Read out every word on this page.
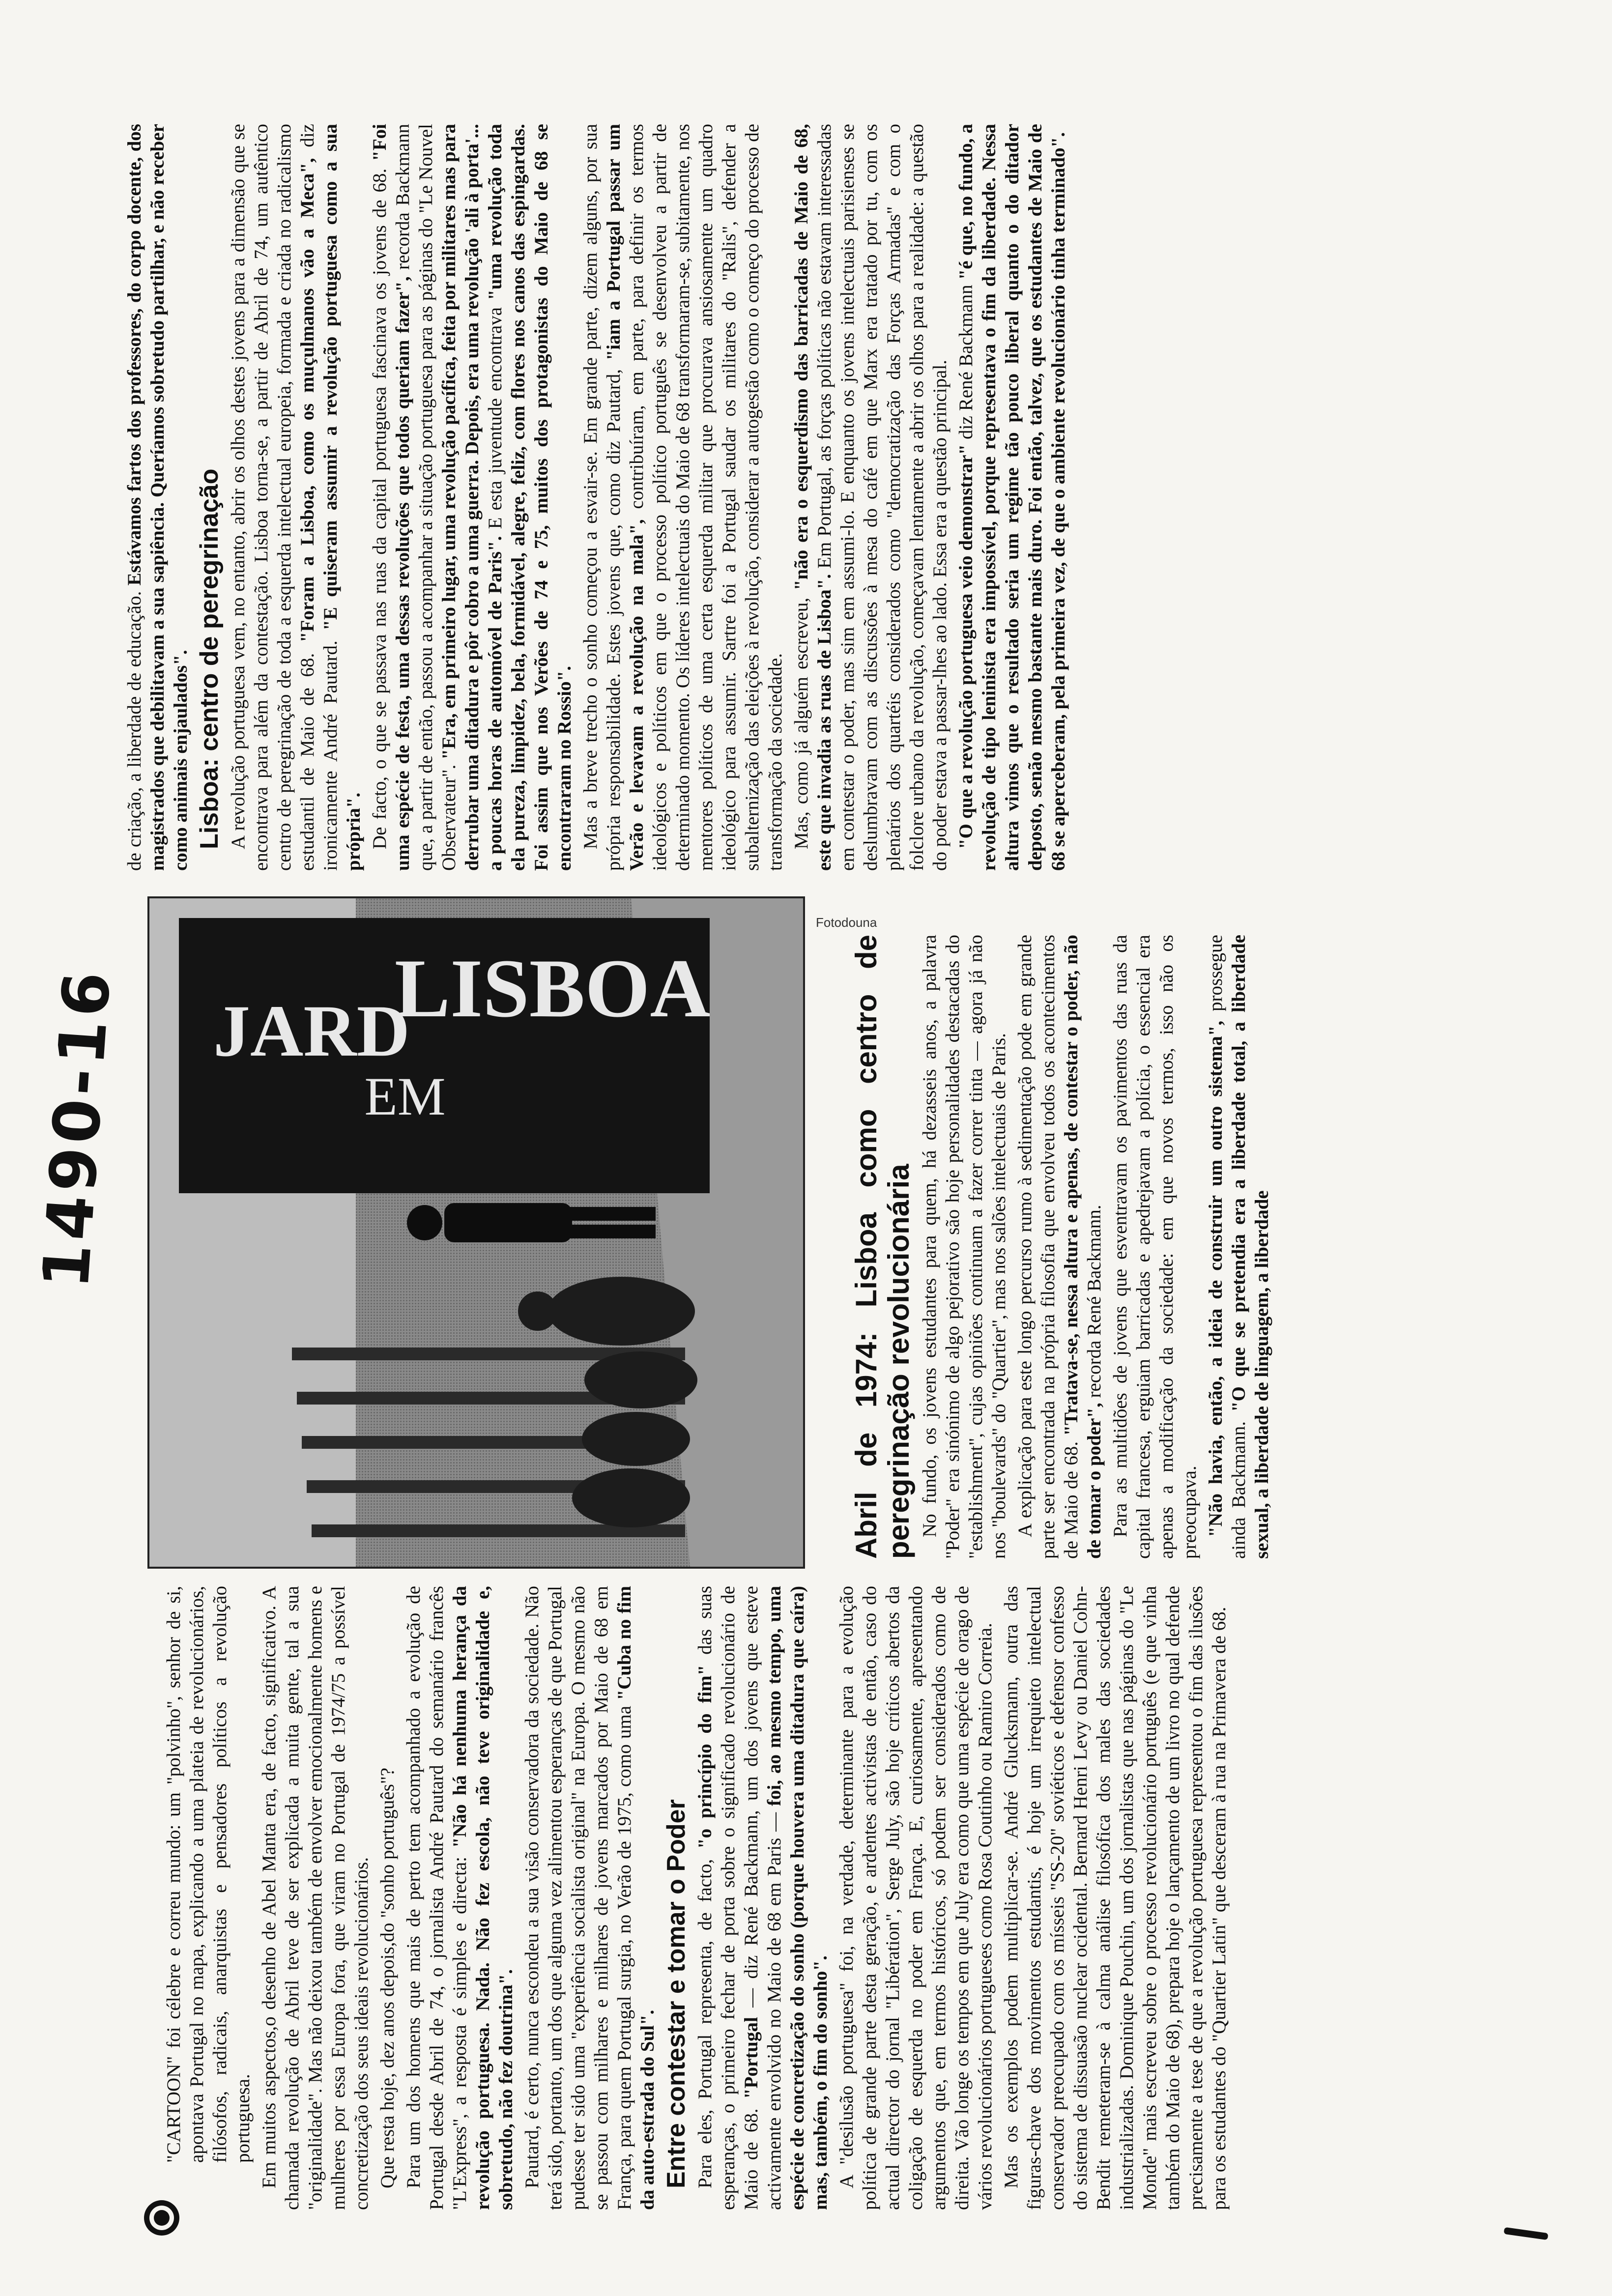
1490-16

"CARTOON" foi célebre e correu mundo: um "polvinho", senhor de si, apontava Portugal no mapa, explicando a uma plateia de revolucionários, filósofos, radicais, anarquistas e pensadores políticos a revolução portuguesa. Em muitos aspectos,o desenho de Abel Manta era, de facto, significativo. A chamada revolução de Abril teve de ser explicada a muita gente, tal a sua "originalidade". Mas não deixou também de envolver emocionalmente homens e mulheres por essa Europa fora, que viram no Portugal de 1974/75 a possível concretização dos seus ideais revolucionários. Que resta hoje, dez anos depois,do "sonho português"? Para um dos homens que mais de perto tem acompanhado a evolução de Portugal desde Abril de 74, o jornalista André Pautard do semanário francês "L'Express", a resposta é simples e directa: "Não há nenhuma herança da revolução portuguesa. Nada. Não fez escola, não teve originalidade e, sobretudo, não fez doutrina". Pautard, é certo, nunca escondeu a sua visão conservadora da sociedade. Não terá sido, portanto, um dos que alguma vez alimentou esperanças de que Portugal pudesse ter sido uma "experiência socialista original" na Europa. O mesmo não se passou com milhares e milhares de jovens marcados por Maio de 68 em França, para quem Portugal surgia, no Verão de 1975, como uma "Cuba no fim da auto-estrada do Sul". Entre contestar e tomar o Poder Para eles, Portugal representa, de facto, "o princípio do fim" das suas esperanças, o primeiro fechar de porta sobre o significado revolucionário de Maio de 68. "Portugal — diz René Backmann, um dos jovens que esteve activamente envolvido no Maio de 68 em Paris — foi, ao mesmo tempo, uma espécie de concretização do sonho (porque houvera uma ditadura que caíra) mas, também, o fim do sonho". A "desilusão portuguesa" foi, na verdade, determinante para a evolução política de grande parte desta geração, e ardentes activistas de então, caso do actual director do jornal "Libération", Serge July, são hoje críticos abertos da coligação de esquerda no poder em França. E, curiosamente, apresentando argumentos que, em termos históricos, só podem ser considerados como de direita. Vão longe os tempos em que July era como que uma espécie de orago de vários revolucionários portugueses como Rosa Coutinho ou Ramiro Correia. Mas os exemplos podem multiplicar-se. André Glucksmann, outra das figuras-chave dos movimentos estudantis, é hoje um irrequieto intelectual conservador preocupado com os mísseis "SS-20" soviéticos e defensor confesso do sistema de dissuasão nuclear ocidental. Bernard Henri Levy ou Daniel Cohn-Bendit remeteram-se à calma análise filosófica dos males das sociedades industrializadas. Dominique Pouchin, um dos jornalistas que nas páginas do "Le Monde" mais escreveu sobre o processo revolucionário português (e que vinha também do Maio de 68), prepara hoje o lançamento de um livro no qual defende precisamente a tese de que a revolução portuguesa representou o fim das ilusões para os estudantes do "Quartier Latin" que desceram à rua na Primavera de 68.

JARD
EM
LISBOA
Fotodouna

Abril de 1974: Lisboa como centro de peregrinação revolucionária No fundo, os jovens estudantes para quem, há dezasseis anos, a palavra "Poder" era sinónimo de algo pejorativo são hoje personalidades destacadas do "establishment", cujas opiniões continuam a fazer correr tinta — agora já não nos "boulevards" do "Quartier", mas nos salões intelectuais de Paris. A explicação para este longo percurso rumo à sedimentação pode em grande parte ser encontrada na própria filosofia que envolveu todos os acontecimentos de Maio de 68. "Tratava-se, nessa altura e apenas, de contestar o poder, não de tomar o poder", recorda René Backmann. Para as multidões de jovens que esventravam os pavimentos das ruas da capital francesa, erguiam barricadas e apedrejavam a polícia, o essencial era apenas a modificação da sociedade: em que novos termos, isso não os preocupava. "Não havia, então, a ideia de construir um outro sistema", prossegue ainda Backmann. "O que se pretendia era a liberdade total, a liberdade sexual, a liberdade de linguagem, a liberdade

de criação, a liberdade de educação. Estávamos fartos dos professores, do corpo docente, dos magistrados que debilitavam a sua sapiência. Queríamos sobretudo partilhar, e não receber como animais enjaulados". Lisboa: centro de peregrinação A revolução portuguesa vem, no entanto, abrir os olhos destes jovens para a dimensão que se encontrava para além da contestação. Lisboa torna-se, a partir de Abril de 74, um autêntico centro de peregrinação de toda a esquerda intelectual europeia, formada e criada no radicalismo estudantil de Maio de 68. "Foram a Lisboa, como os muçulmanos vão a Meca", diz ironicamente André Pautard. "E quiseram assumir a revolução portuguesa como a sua própria". De facto, o que se passava nas ruas da capital portuguesa fascinava os jovens de 68. "Foi uma espécie de festa, uma dessas revoluções que todos queriam fazer", recorda Backmann que, a partir de então, passou a acompanhar a situação portuguesa para as páginas do "Le Nouvel Observateur". "Era, em primeiro lugar, uma revolução pacífica, feita por militares mas para derrubar uma ditadura e pôr cobro a uma guerra. Depois, era uma revolução 'ali à porta'... a poucas horas de automóvel de Paris". E esta juventude encontrava "uma revolução toda ela pureza, limpidez, bela, formidável, alegre, feliz, com flores nos canos das espingardas. Foi assim que nos Verões de 74 e 75, muitos dos protagonistas do Maio de 68 se encontraram no Rossio". Mas a breve trecho o sonho começou a esvair-se. Em grande parte, dizem alguns, por sua própria responsabilidade. Estes jovens que, como diz Pautard, "iam a Portugal passar um Verão e levavam a revolução na mala", contribuíram, em parte, para definir os termos ideológicos e políticos em que o processo político português se desenvolveu a partir de determinado momento. Os líderes intelectuais do Maio de 68 transformaram-se, subitamente, nos mentores políticos de uma certa esquerda militar que procurava ansiosamente um quadro ideológico para assumir. Sartre foi a Portugal saudar os militares do "Ralis", defender a subalternização das eleições à revolução, considerar a autogestão como o começo do processo de transformação da sociedade. Mas, como já alguém escreveu, "não era o esquerdismo das barricadas de Maio de 68, este que invadia as ruas de Lisboa". Em Portugal, as forças políticas não estavam interessadas em contestar o poder, mas sim em assumi-lo. E enquanto os jovens intelectuais parisienses se deslumbravam com as discussões à mesa do café em que Marx era tratado por tu, com os plenários dos quartéis considerados como "democratização das Forças Armadas" e com o folclore urbano da revolução, começavam lentamente a abrir os olhos para a realidade: a questão do poder estava a passar-lhes ao lado. Essa era a questão principal. "O que a revolução portuguesa veio demonstrar" diz René Backmann "é que, no fundo, a revolução de tipo leninista era impossível, porque representava o fim da liberdade. Nessa altura vimos que o resultado seria um regime tão pouco liberal quanto o do ditador deposto, senão mesmo bastante mais duro. Foi então, talvez, que os estudantes de Maio de 68 se aperceberam, pela primeira vez, de que o ambiente revolucionário tinha terminado".
